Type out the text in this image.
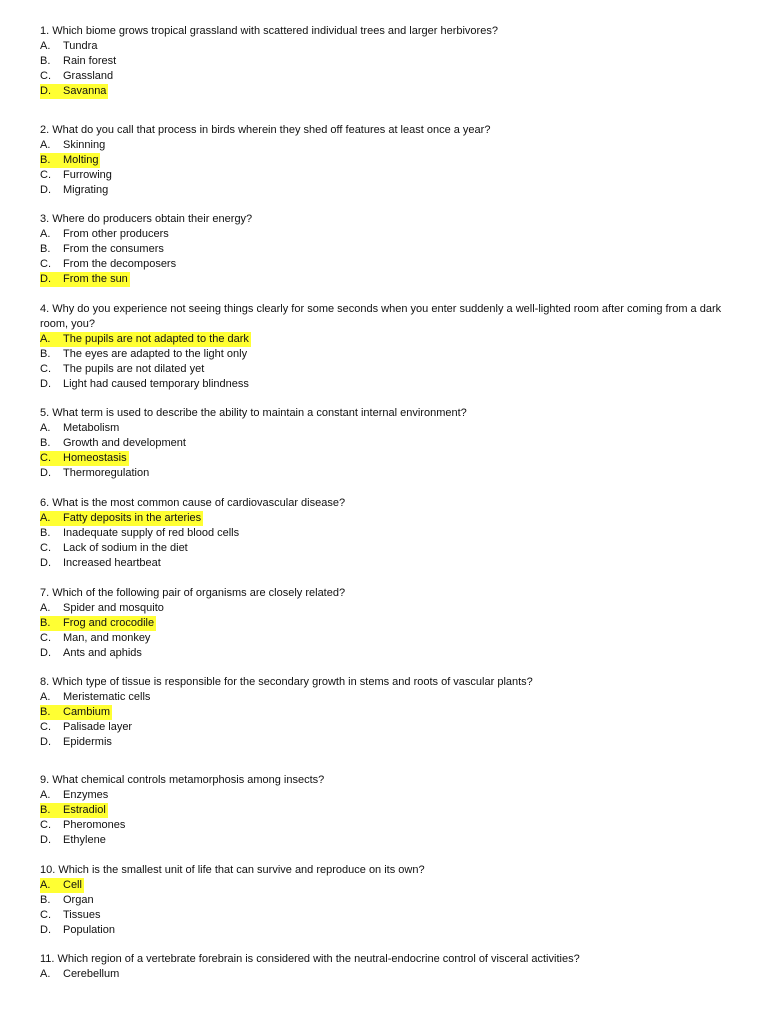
1. Which biome grows tropical grassland with scattered individual trees and larger herbivores?
A. Tundra
B. Rain forest
C. Grassland
D. Savanna
2. What do you call that process in birds wherein they shed off features at least once a year?
A. Skinning
B. Molting
C. Furrowing
D. Migrating
3. Where do producers obtain their energy?
A. From other producers
B. From the consumers
C. From the decomposers
D. From the sun
4. Why do you experience not seeing things clearly for some seconds when you enter suddenly a well-lighted room after coming from a dark room, you?
A. The pupils are not adapted to the dark
B. The eyes are adapted to the light only
C. The pupils are not dilated yet
D. Light had caused temporary blindness
5. What term is used to describe the ability to maintain a constant internal environment?
A. Metabolism
B. Growth and development
C. Homeostasis
D. Thermoregulation
6. What is the most common cause of cardiovascular disease?
A. Fatty deposits in the arteries
B. Inadequate supply of red blood cells
C. Lack of sodium in the diet
D. Increased heartbeat
7. Which of the following pair of organisms are closely related?
A. Spider and mosquito
B. Frog and crocodile
C. Man, and monkey
D. Ants and aphids
8. Which type of tissue is responsible for the secondary growth in stems and roots of vascular plants?
A. Meristematic cells
B. Cambium
C. Palisade layer
D. Epidermis
9. What chemical controls metamorphosis among insects?
A. Enzymes
B. Estradiol
C. Pheromones
D. Ethylene
10. Which is the smallest unit of life that can survive and reproduce on its own?
A. Cell
B. Organ
C. Tissues
D. Population
11. Which region of a vertebrate forebrain is considered with the neutral-endocrine control of visceral activities?
A. Cerebellum
